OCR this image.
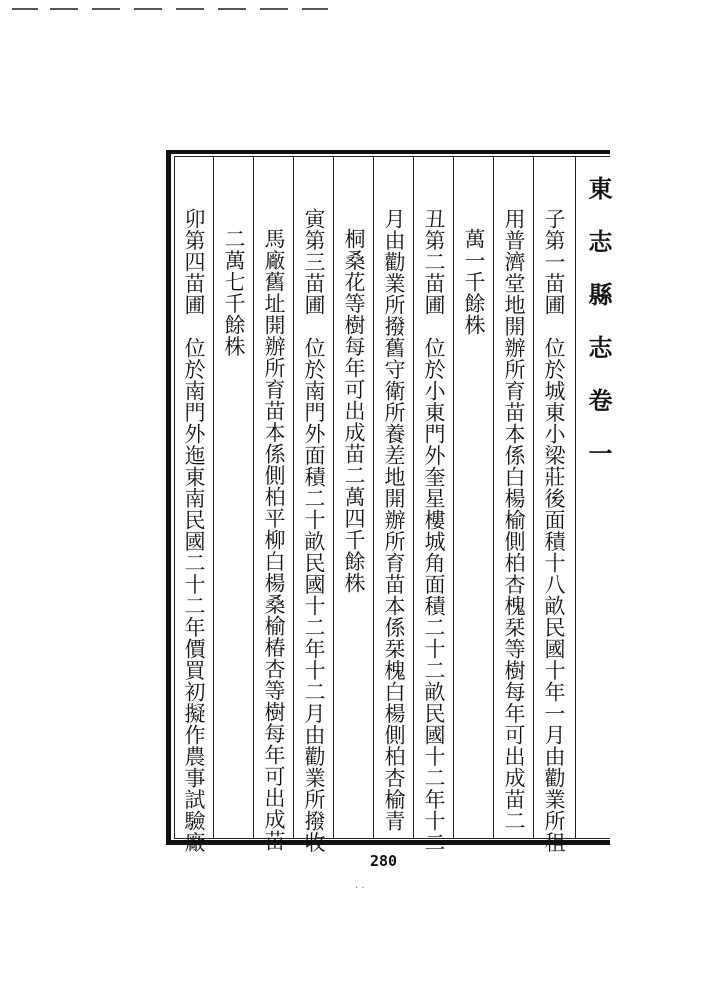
東 志 縣 志 卷 一
子第一苗圃　位於城東小梁莊後面積十八畝民國十年一月由勸業所租
用普濟堂地開辦所育苗本係白楊榆側柏杏槐栞等樹每年可出成苗二
萬一千餘株
丑第二苗圃　位於小東門外奎星樓城角面積二十二畝民國十二年十二
月由勸業所撥舊守衛所養差地開辦所育苗本係栞槐白楊側柏杏榆青
桐桑花等樹每年可出成苗二萬四千餘株
寅第三苗圃　位於南門外面積二十畝民國十二年十二月由勸業所撥收
馬廠舊址開辦所育苗本係側柏平柳白楊桑榆椿杏等樹每年可出成苗
二萬七千餘株
卯第四苗圃　位於南門外迤東南民國二十二年價買初擬作農事試驗廠
280
. .
